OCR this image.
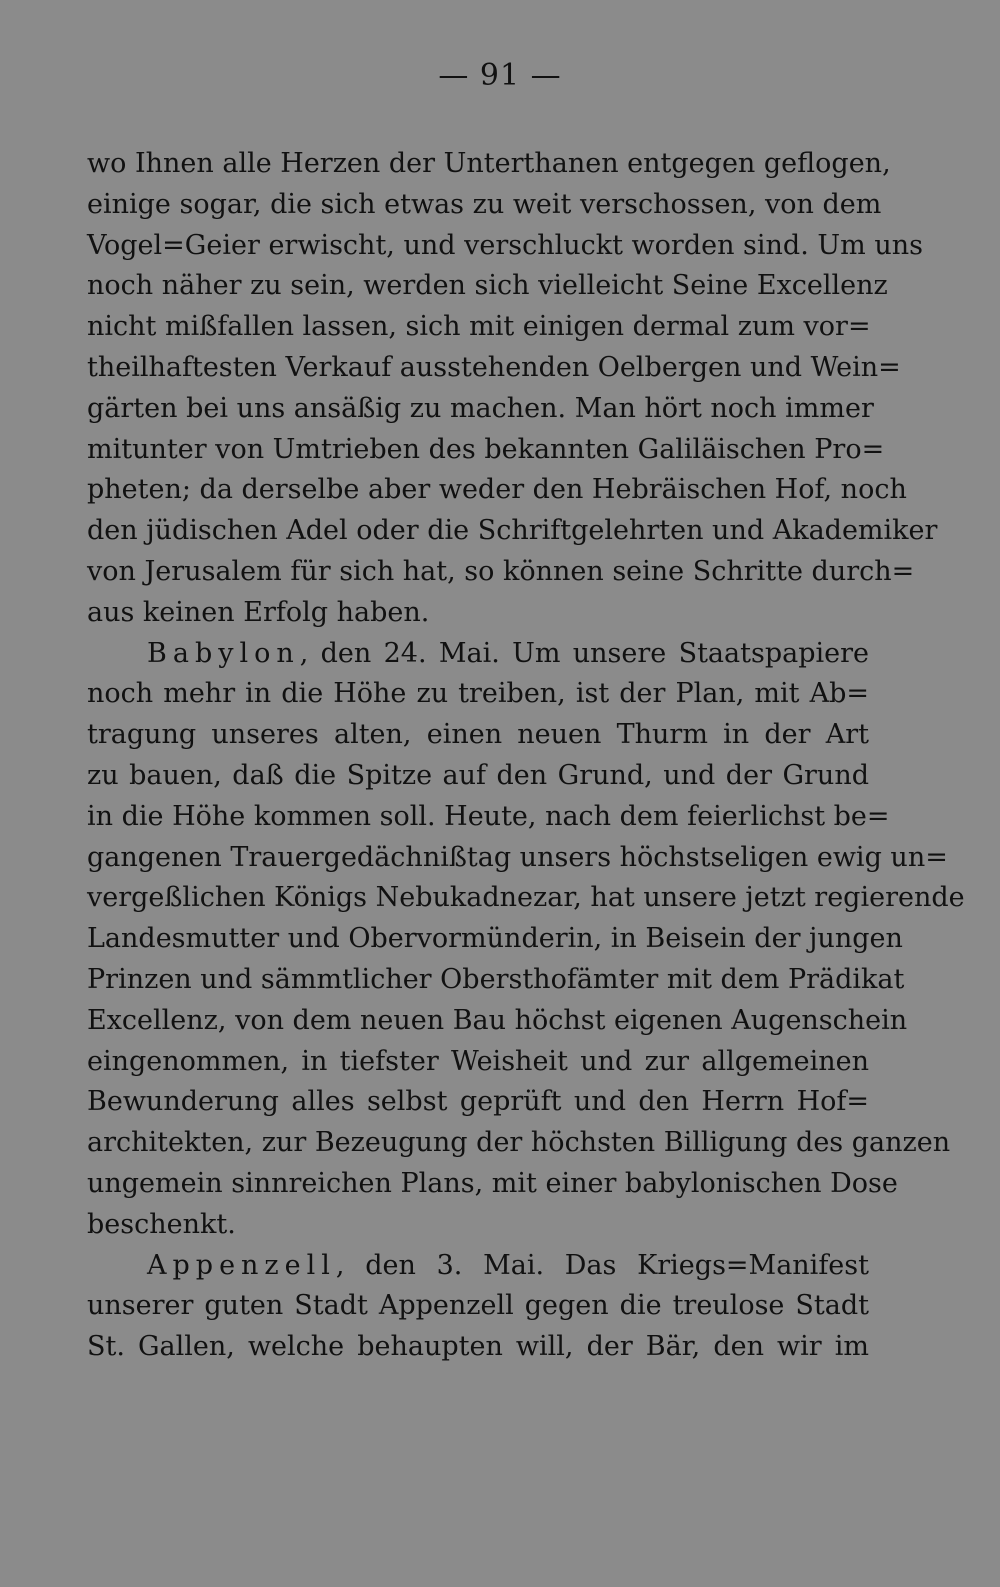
— 91 —
wo Ihnen alle Herzen der Unterthanen entgegen geflogen,
einige sogar, die sich etwas zu weit verschossen, von dem
Vogel=Geier erwischt, und verschluckt worden sind. Um uns
noch näher zu sein, werden sich vielleicht Seine Excellenz
nicht mißfallen lassen, sich mit einigen dermal zum vor=
theilhaftesten Verkauf ausstehenden Oelbergen und Wein=
gärten bei uns ansäßig zu machen. Man hört noch immer
mitunter von Umtrieben des bekannten Galiläischen Pro=
pheten; da derselbe aber weder den Hebräischen Hof, noch
den jüdischen Adel oder die Schriftgelehrten und Akademiker
von Jerusalem für sich hat, so können seine Schritte durch=
aus keinen Erfolg haben.
Babylon, den 24. Mai. Um unsere Staatspapiere
noch mehr in die Höhe zu treiben, ist der Plan, mit Ab=
tragung unseres alten, einen neuen Thurm in der Art
zu bauen, daß die Spitze auf den Grund, und der Grund
in die Höhe kommen soll. Heute, nach dem feierlichst be=
gangenen Trauergedächnißtag unsers höchstseligen ewig un=
vergeßlichen Königs Nebukadnezar, hat unsere jetzt regierende
Landesmutter und Obervormünderin, in Beisein der jungen
Prinzen und sämmtlicher Obersthofämter mit dem Prädikat
Excellenz, von dem neuen Bau höchst eigenen Augenschein
eingenommen, in tiefster Weisheit und zur allgemeinen
Bewunderung alles selbst geprüft und den Herrn Hof=
architekten, zur Bezeugung der höchsten Billigung des ganzen
ungemein sinnreichen Plans, mit einer babylonischen Dose
beschenkt.
Appenzell, den 3. Mai. Das Kriegs=Manifest
unserer guten Stadt Appenzell gegen die treulose Stadt
St. Gallen, welche behaupten will, der Bär, den wir im
